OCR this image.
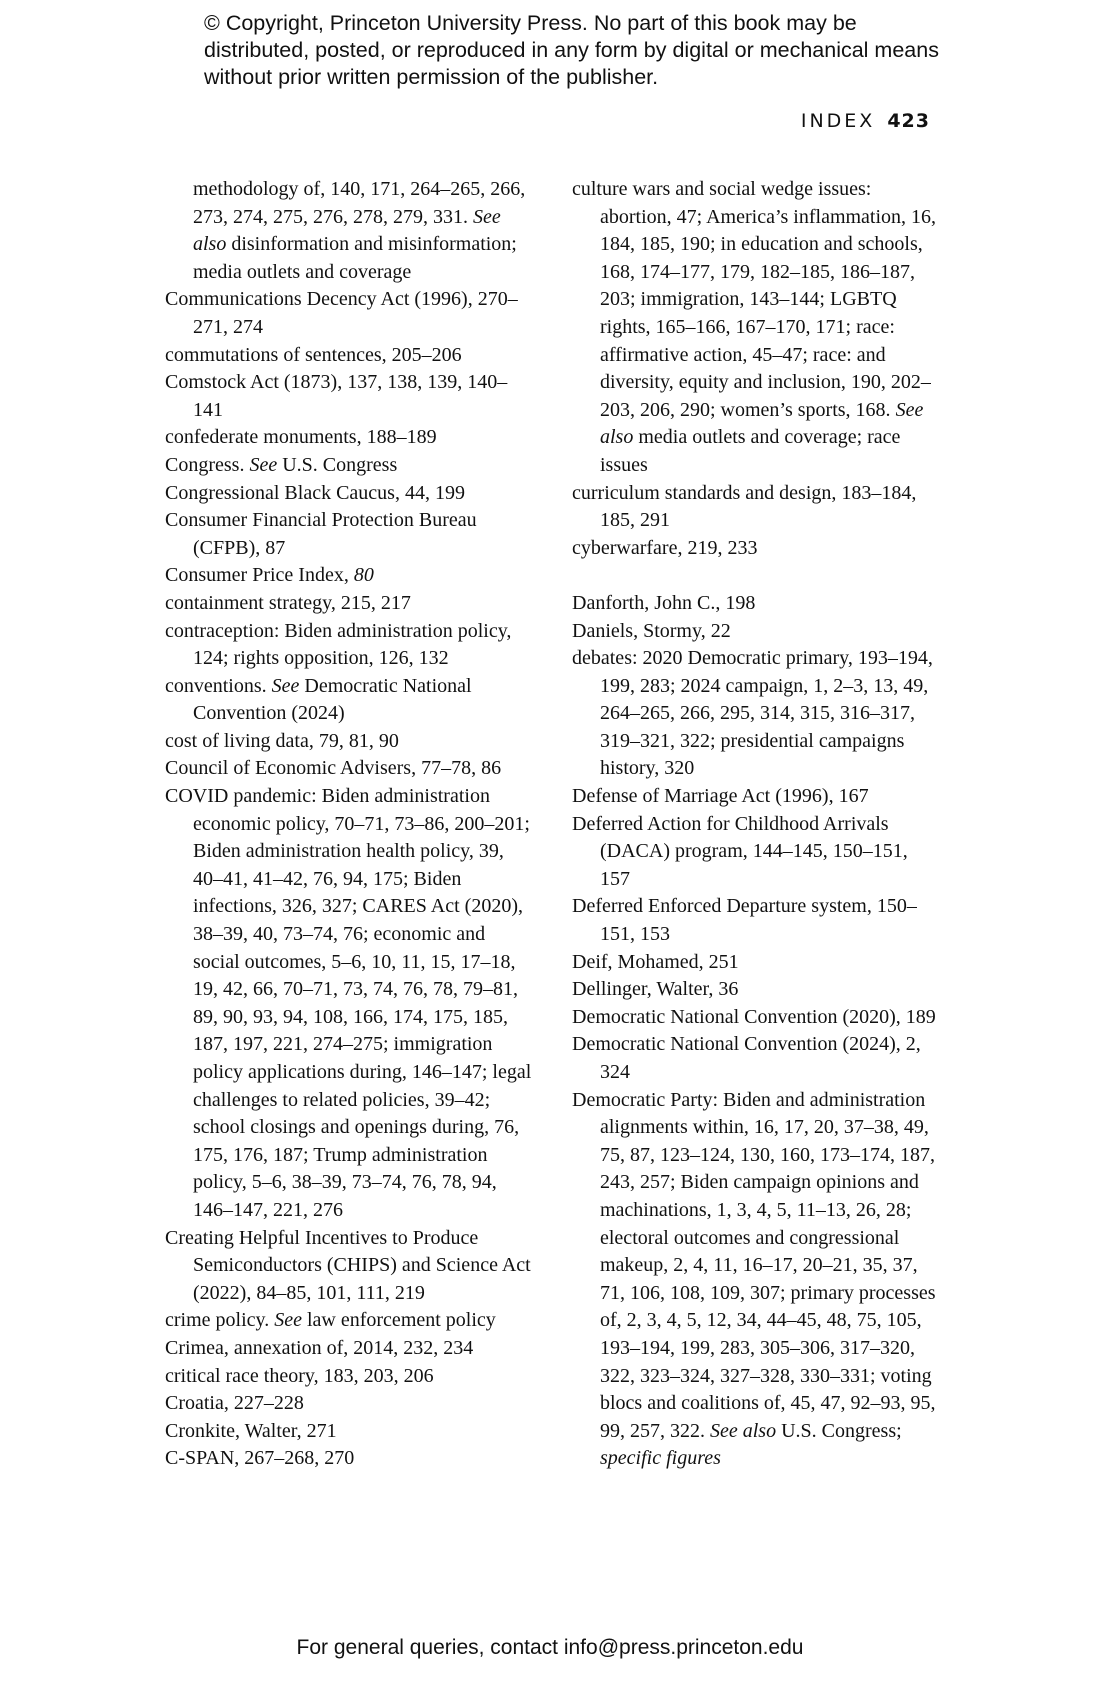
© Copyright, Princeton University Press. No part of this book may be distributed, posted, or reproduced in any form by digital or mechanical means without prior written permission of the publisher.
INDEX 423
methodology of, 140, 171, 264–265, 266, 273, 274, 275, 276, 278, 279, 331. See also disinformation and misinformation; media outlets and coverage
Communications Decency Act (1996), 270–271, 274
commutations of sentences, 205–206
Comstock Act (1873), 137, 138, 139, 140–141
confederate monuments, 188–189
Congress. See U.S. Congress
Congressional Black Caucus, 44, 199
Consumer Financial Protection Bureau (CFPB), 87
Consumer Price Index, 80
containment strategy, 215, 217
contraception: Biden administration policy, 124; rights opposition, 126, 132
conventions. See Democratic National Convention (2024)
cost of living data, 79, 81, 90
Council of Economic Advisers, 77–78, 86
COVID pandemic: Biden administration economic policy, 70–71, 73–86, 200–201; Biden administration health policy, 39, 40–41, 41–42, 76, 94, 175; Biden infections, 326, 327; CARES Act (2020), 38–39, 40, 73–74, 76; economic and social outcomes, 5–6, 10, 11, 15, 17–18, 19, 42, 66, 70–71, 73, 74, 76, 78, 79–81, 89, 90, 93, 94, 108, 166, 174, 175, 185, 187, 197, 221, 274–275; immigration policy applications during, 146–147; legal challenges to related policies, 39–42; school closings and openings during, 76, 175, 176, 187; Trump administration policy, 5–6, 38–39, 73–74, 76, 78, 94, 146–147, 221, 276
Creating Helpful Incentives to Produce Semiconductors (CHIPS) and Science Act (2022), 84–85, 101, 111, 219
crime policy. See law enforcement policy
Crimea, annexation of, 2014, 232, 234
critical race theory, 183, 203, 206
Croatia, 227–228
Cronkite, Walter, 271
C-SPAN, 267–268, 270
culture wars and social wedge issues: abortion, 47; America’s inflammation, 16, 184, 185, 190; in education and schools, 168, 174–177, 179, 182–185, 186–187, 203; immigration, 143–144; LGBTQ rights, 165–166, 167–170, 171; race: affirmative action, 45–47; race: and diversity, equity and inclusion, 190, 202–203, 206, 290; women’s sports, 168. See also media outlets and coverage; race issues
curriculum standards and design, 183–184, 185, 291
cyberwarfare, 219, 233
Danforth, John C., 198
Daniels, Stormy, 22
debates: 2020 Democratic primary, 193–194, 199, 283; 2024 campaign, 1, 2–3, 13, 49, 264–265, 266, 295, 314, 315, 316–317, 319–321, 322; presidential campaigns history, 320
Defense of Marriage Act (1996), 167
Deferred Action for Childhood Arrivals (DACA) program, 144–145, 150–151, 157
Deferred Enforced Departure system, 150–151, 153
Deif, Mohamed, 251
Dellinger, Walter, 36
Democratic National Convention (2020), 189
Democratic National Convention (2024), 2, 324
Democratic Party: Biden and administration alignments within, 16, 17, 20, 37–38, 49, 75, 87, 123–124, 130, 160, 173–174, 187, 243, 257; Biden campaign opinions and machinations, 1, 3, 4, 5, 11–13, 26, 28; electoral outcomes and congressional makeup, 2, 4, 11, 16–17, 20–21, 35, 37, 71, 106, 108, 109, 307; primary processes of, 2, 3, 4, 5, 12, 34, 44–45, 48, 75, 105, 193–194, 199, 283, 305–306, 317–320, 322, 323–324, 327–328, 330–331; voting blocs and coalitions of, 45, 47, 92–93, 95, 99, 257, 322. See also U.S. Congress; specific figures
For general queries, contact info@press.princeton.edu
